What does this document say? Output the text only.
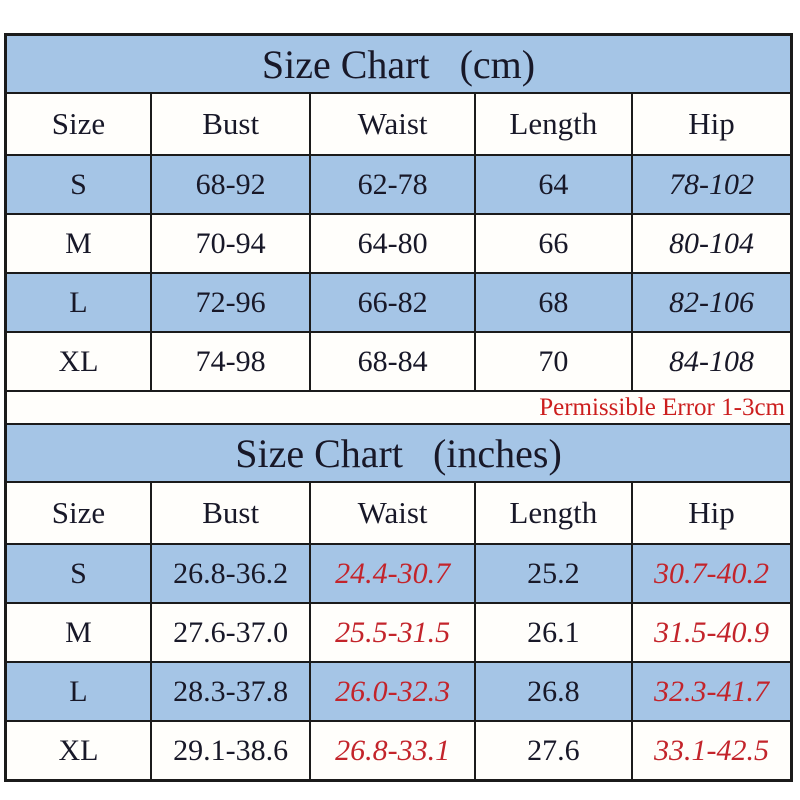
Size Chart   (cm)				
Size	Bust	Waist	Length	Hip
S	68-92	62-78	64	78-102
M	70-94	64-80	66	80-104
L	72-96	66-82	68	82-106
XL	74-98	68-84	70	84-108
Permissible Error 1-3cm				
Size Chart   (inches)				
Size	Bust	Waist	Length	Hip
S	26.8-36.2	24.4-30.7	25.2	30.7-40.2
M	27.6-37.0	25.5-31.5	26.1	31.5-40.9
L	28.3-37.8	26.0-32.3	26.8	32.3-41.7
XL	29.1-38.6	26.8-33.1	27.6	33.1-42.5
